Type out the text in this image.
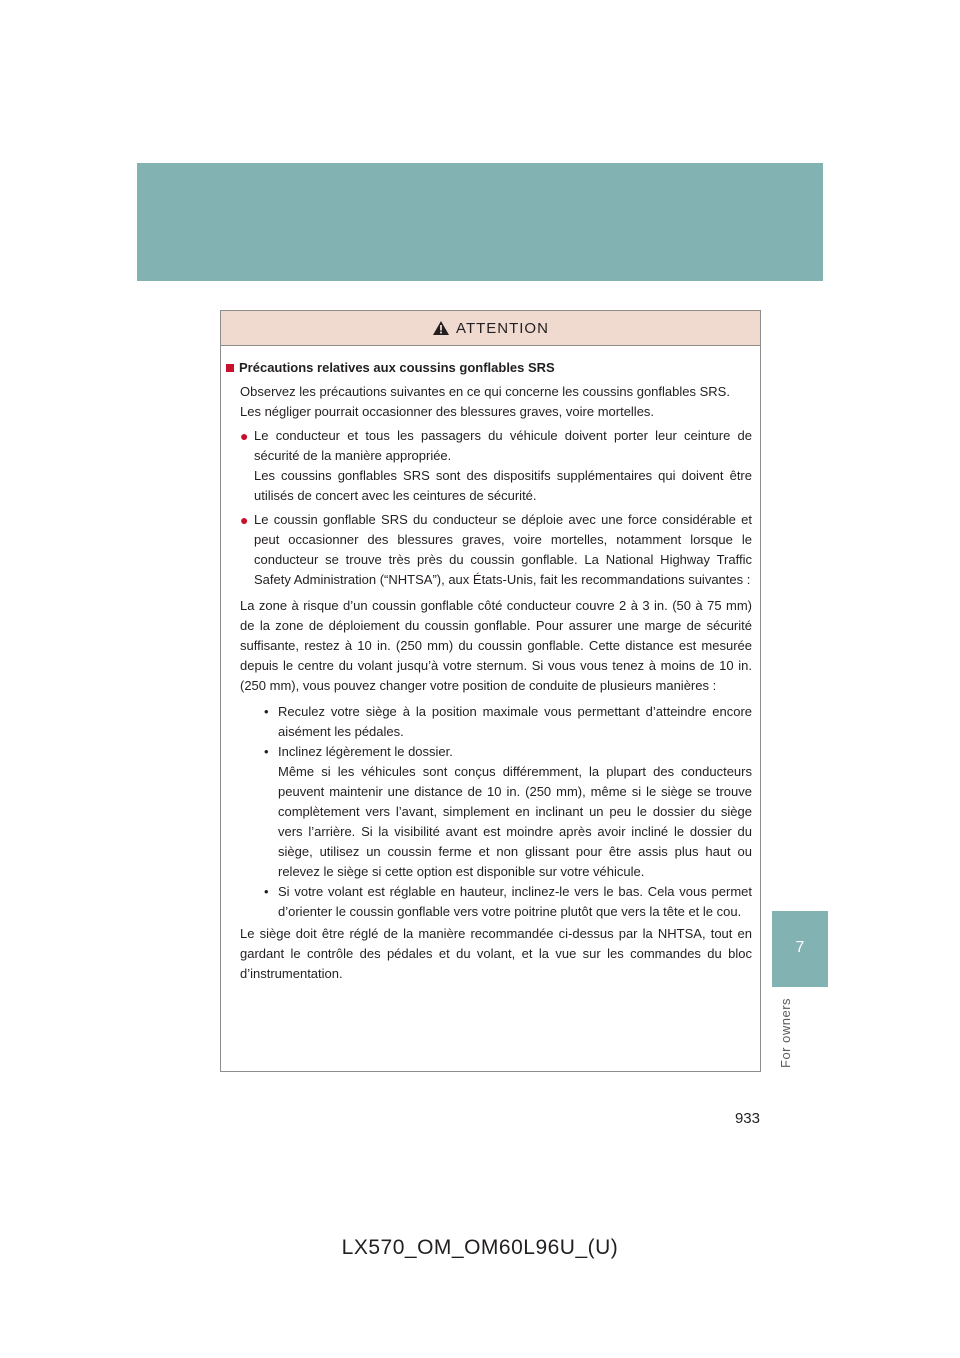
7
For owners
ATTENTION
Précautions relatives aux coussins gonflables SRS
Observez les précautions suivantes en ce qui concerne les coussins gonflables SRS.
Les négliger pourrait occasionner des blessures graves, voire mortelles.
● Le conducteur et tous les passagers du véhicule doivent porter leur ceinture de sécurité de la manière appropriée.
Les coussins gonflables SRS sont des dispositifs supplémentaires qui doivent être utilisés de concert avec les ceintures de sécurité.
● Le coussin gonflable SRS du conducteur se déploie avec une force considérable et peut occasionner des blessures graves, voire mortelles, notamment lorsque le conducteur se trouve très près du coussin gonflable. La National Highway Traffic Safety Administration (“NHTSA”), aux États-Unis, fait les recommandations suivantes :
La zone à risque d’un coussin gonflable côté conducteur couvre 2 à 3 in. (50 à 75 mm) de la zone de déploiement du coussin gonflable. Pour assurer une marge de sécurité suffisante, restez à 10 in. (250 mm) du coussin gonflable. Cette distance est mesurée depuis le centre du volant jusqu’à votre sternum. Si vous vous tenez à moins de 10 in. (250 mm), vous pouvez changer votre position de conduite de plusieurs manières :
• Reculez votre siège à la position maximale vous permettant d’atteindre encore aisément les pédales.
• Inclinez légèrement le dossier.
Même si les véhicules sont conçus différemment, la plupart des conducteurs peuvent maintenir une distance de 10 in. (250 mm), même si le siège se trouve complètement vers l’avant, simplement en inclinant un peu le dossier du siège vers l’arrière. Si la visibilité avant est moindre après avoir incliné le dossier du siège, utilisez un coussin ferme et non glissant pour être assis plus haut ou relevez le siège si cette option est disponible sur votre véhicule.
• Si votre volant est réglable en hauteur, inclinez-le vers le bas. Cela vous permet d’orienter le coussin gonflable vers votre poitrine plutôt que vers la tête et le cou.
Le siège doit être réglé de la manière recommandée ci-dessus par la NHTSA, tout en gardant le contrôle des pédales et du volant, et la vue sur les commandes du bloc d’instrumentation.
933
LX570_OM_OM60L96U_(U)
